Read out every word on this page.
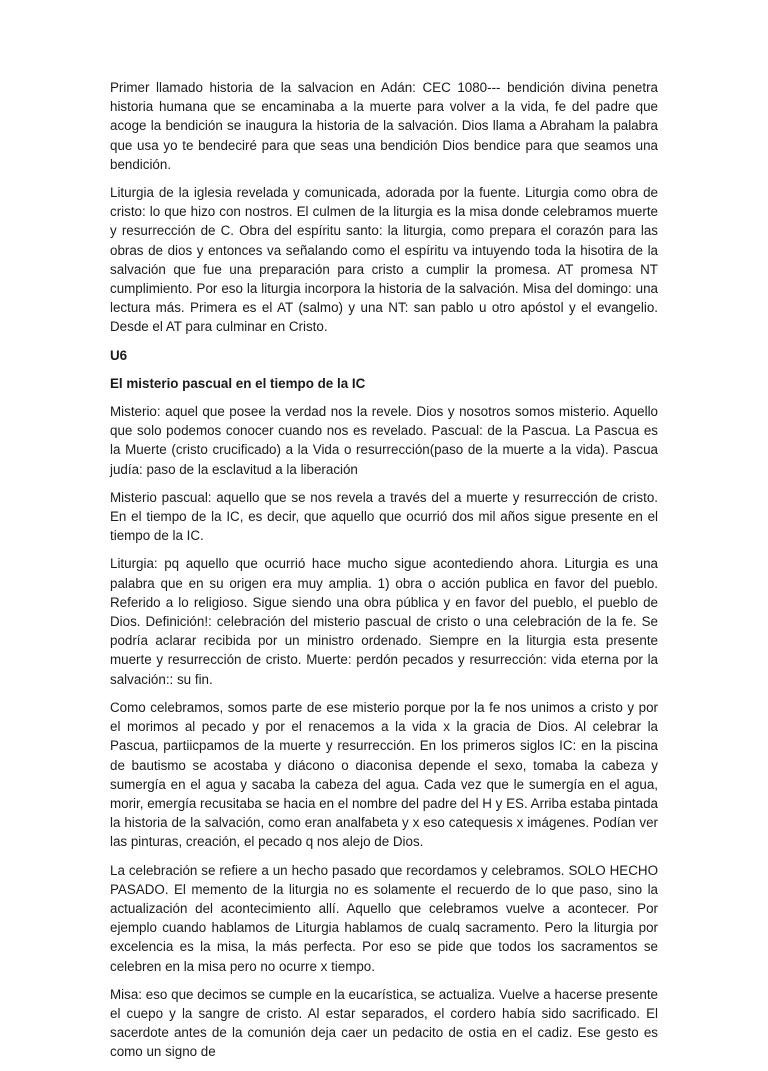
Primer llamado historia de la salvacion en Adán: CEC 1080--- bendición divina penetra historia humana que se encaminaba a la muerte para volver a la vida, fe del padre que acoge la bendición se inaugura la historia de la salvación. Dios llama a Abraham la palabra que usa yo te bendeciré para que seas una bendición Dios bendice para que seamos una bendición.

Liturgia de la iglesia revelada y comunicada, adorada por la fuente. Liturgia como obra de cristo: lo que hizo con nostros. El culmen de la liturgia es la misa donde celebramos muerte y resurrección de C. Obra del espíritu santo: la liturgia, como prepara el corazón para las obras de dios y entonces va señalando como el espíritu va intuyendo toda la hisotira de la salvación que fue una preparación para cristo a cumplir la promesa. AT promesa NT cumplimiento. Por eso la liturgia incorpora la historia de la salvación. Misa del domingo: una lectura más. Primera es el AT (salmo) y una NT: san pablo u otro apóstol y el evangelio. Desde el AT para culminar en Cristo.

U6

El misterio pascual en el tiempo de la IC

Misterio: aquel que posee la verdad nos la revele. Dios y nosotros somos misterio. Aquello que solo podemos conocer cuando nos es revelado. Pascual: de la Pascua. La Pascua es la Muerte (cristo crucificado) a la Vida o resurrección(paso de la muerte a la vida). Pascua judía: paso de la esclavitud a la liberación

Misterio pascual: aquello que se nos revela a través del a muerte y resurrección de cristo. En el tiempo de la IC, es decir, que aquello que ocurrió dos mil años sigue presente en el tiempo de la IC.

Liturgia: pq aquello que ocurrió hace mucho sigue acontediendo ahora. Liturgia es una palabra que en su origen era muy amplia. 1) obra o acción publica en favor del pueblo. Referido a lo religioso. Sigue siendo una obra pública y en favor del pueblo, el pueblo de Dios. Definición!: celebración del misterio pascual de cristo o una celebración de la fe. Se podría aclarar recibida por un ministro ordenado. Siempre en la liturgia esta presente muerte y resurrección de cristo. Muerte: perdón pecados y resurrección: vida eterna por la salvación:: su fin.

Como celebramos, somos parte de ese misterio porque por la fe nos unimos a cristo y por el morimos al pecado y por el renacemos a la vida x la gracia de Dios. Al celebrar la Pascua, partiicpamos de la muerte y resurrección. En los primeros siglos IC: en la piscina de bautismo se acostaba y diácono o diaconisa depende el sexo, tomaba la cabeza y sumergía en el agua y sacaba la cabeza del agua. Cada vez que le sumergía en el agua, morir, emergía recusitaba se hacia en el nombre del padre del H y ES. Arriba estaba pintada la historia de la salvación, como eran analfabeta y x eso catequesis x imágenes. Podían ver las pinturas, creación, el pecado q nos alejo de Dios.

La celebración se refiere a un hecho pasado que recordamos y celebramos. SOLO HECHO PASADO. El memento de la liturgia no es solamente el recuerdo de lo que paso, sino la actualización del acontecimiento allí. Aquello que celebramos vuelve a acontecer. Por ejemplo cuando hablamos de Liturgia hablamos de cualq sacramento. Pero la liturgia por excelencia es la misa, la más perfecta. Por eso se pide que todos los sacramentos se celebren en la misa pero no ocurre x tiempo.

Misa: eso que decimos se cumple en la eucarística, se actualiza. Vuelve a hacerse presente el cuepo y la sangre de cristo. Al estar separados, el cordero había sido sacrificado. El sacerdote antes de la comunión deja caer un pedacito de ostia en el cadiz. Ese gesto es como un signo de
